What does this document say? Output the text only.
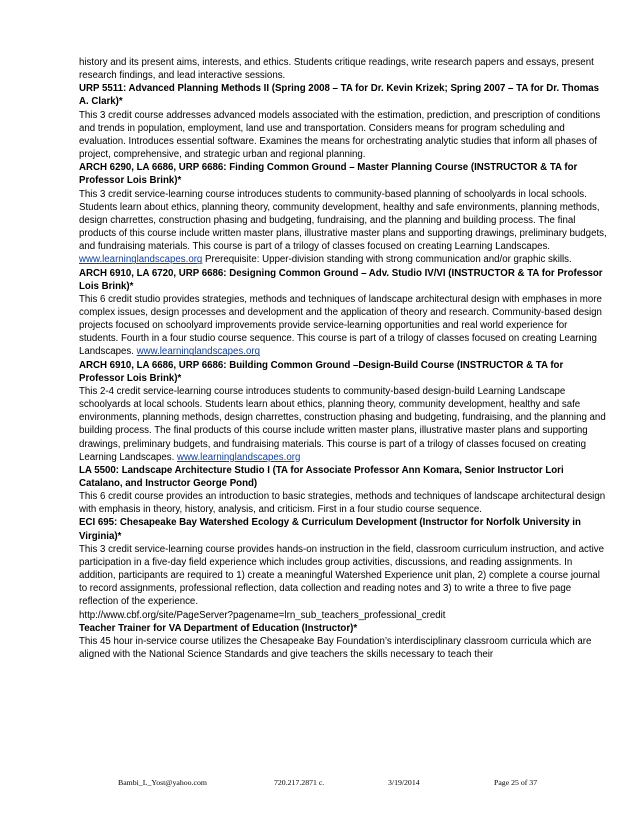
history and its present aims, interests, and ethics. Students critique readings, write research papers and essays, present research findings, and lead interactive sessions.

URP 5511: Advanced Planning Methods II (Spring 2008 – TA for Dr. Kevin Krizek; Spring 2007 – TA for Dr. Thomas A. Clark)*

This 3 credit course addresses advanced models associated with the estimation, prediction, and prescription of conditions and trends in population, employment, land use and transportation. Considers means for program scheduling and evaluation. Introduces essential software. Examines the means for orchestrating analytic studies that inform all phases of project, comprehensive, and strategic urban and regional planning.

ARCH 6290, LA 6686, URP 6686: Finding Common Ground – Master Planning Course (INSTRUCTOR & TA for Professor Lois Brink)*

This 3 credit service-learning course introduces students to community-based planning of schoolyards in local schools. Students learn about ethics, planning theory, community development, healthy and safe environments, planning methods, design charrettes, construction phasing and budgeting, fundraising, and the planning and building process. The final products of this course include written master plans, illustrative master plans and supporting drawings, preliminary budgets, and fundraising materials. This course is part of a trilogy of classes focused on creating Learning Landscapes. www.learninglandscapes.org Prerequisite: Upper-division standing with strong communication and/or graphic skills.

ARCH 6910, LA 6720, URP 6686: Designing Common Ground – Adv. Studio IV/VI (INSTRUCTOR & TA for Professor Lois Brink)*

This 6 credit studio provides strategies, methods and techniques of landscape architectural design with emphases in more complex issues, design processes and development and the application of theory and research. Community-based design projects focused on schoolyard improvements provide service-learning opportunities and real world experience for students. Fourth in a four studio course sequence. This course is part of a trilogy of classes focused on creating Learning Landscapes. www.learninglandscapes.org

ARCH 6910, LA 6686, URP 6686: Building Common Ground –Design-Build Course (INSTRUCTOR & TA for Professor Lois Brink)*

This 2-4 credit service-learning course introduces students to community-based design-build Learning Landscape schoolyards at local schools. Students learn about ethics, planning theory, community development, healthy and safe environments, planning methods, design charrettes, construction phasing and budgeting, fundraising, and the planning and building process. The final products of this course include written master plans, illustrative master plans and supporting drawings, preliminary budgets, and fundraising materials. This course is part of a trilogy of classes focused on creating Learning Landscapes. www.learninglandscapes.org

LA 5500: Landscape Architecture Studio I (TA for Associate Professor Ann Komara, Senior Instructor Lori Catalano, and Instructor George Pond)

This 6 credit course provides an introduction to basic strategies, methods and techniques of landscape architectural design with emphasis in theory, history, analysis, and criticism. First in a four studio course sequence.

ECI 695: Chesapeake Bay Watershed Ecology & Curriculum Development (Instructor for Norfolk University in Virginia)*

This 3 credit service-learning course provides hands-on instruction in the field, classroom curriculum instruction, and active participation in a five-day field experience which includes group activities, discussions, and reading assignments. In addition, participants are required to 1) create a meaningful Watershed Experience unit plan, 2) complete a course journal to record assignments, professional reflection, data collection and reading notes and 3) to write a three to five page reflection of the experience.

http://www.cbf.org/site/PageServer?pagename=lrn_sub_teachers_professional_credit

Teacher Trainer for VA Department of Education (Instructor)*

This 45 hour in-service course utilizes the Chesapeake Bay Foundation’s interdisciplinary classroom curricula which are aligned with the National Science Standards and give teachers the skills necessary to teach their

Bambi_L_Yost@yahoo.com	720.217.2871 c.	3/19/2014	Page 25 of 37
